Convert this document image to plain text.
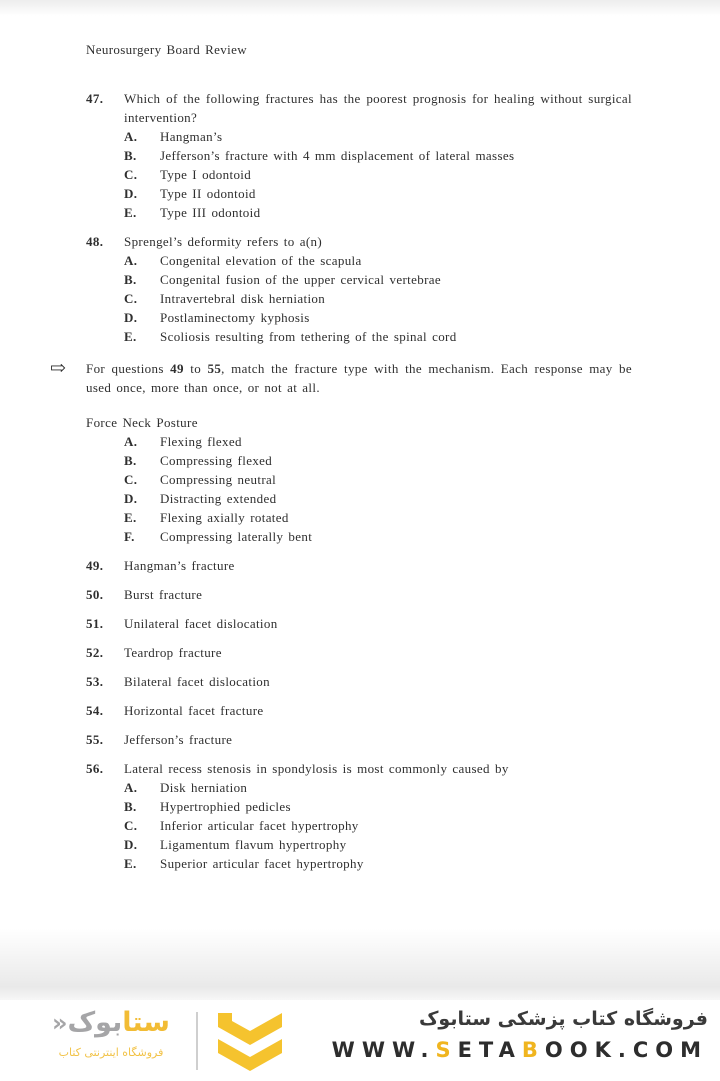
Neurosurgery Board Review

47.	Which of the following fractures has the poorest prognosis for healing without surgical intervention?
A.	Hangman’s
B.	Jefferson’s fracture with 4 mm displacement of lateral masses
C.	Type I odontoid
D.	Type II odontoid
E.	Type III odontoid
48.	Sprengel’s deformity refers to a(n)
A.	Congenital elevation of the scapula
B.	Congenital fusion of the upper cervical vertebrae
C.	Intravertebral disk herniation
D.	Postlaminectomy kyphosis
E.	Scoliosis resulting from tethering of the spinal cord
⇨	For questions 49 to 55, match the fracture type with the mechanism. Each response may be used once, more than once, or not at all.
Force Neck Posture
A.	Flexing flexed
B.	Compressing flexed
C.	Compressing neutral
D.	Distracting extended
E.	Flexing axially rotated
F.	Compressing laterally bent
49.	Hangman’s fracture
50.	Burst fracture
51.	Unilateral facet dislocation
52.	Teardrop fracture
53.	Bilateral facet dislocation
54.	Horizontal facet fracture
55.	Jefferson’s fracture
56.	Lateral recess stenosis in spondylosis is most commonly caused by
A.	Disk herniation
B.	Hypertrophied pedicles
C.	Inferior articular facet hypertrophy
D.	Ligamentum flavum hypertrophy
E.	Superior articular facet hypertrophy
ستابوک«
فروشگاه اینترنتی کتاب
فروشگاه کتاب پزشکی ستابوک
WWW.SETABOOK.COM
